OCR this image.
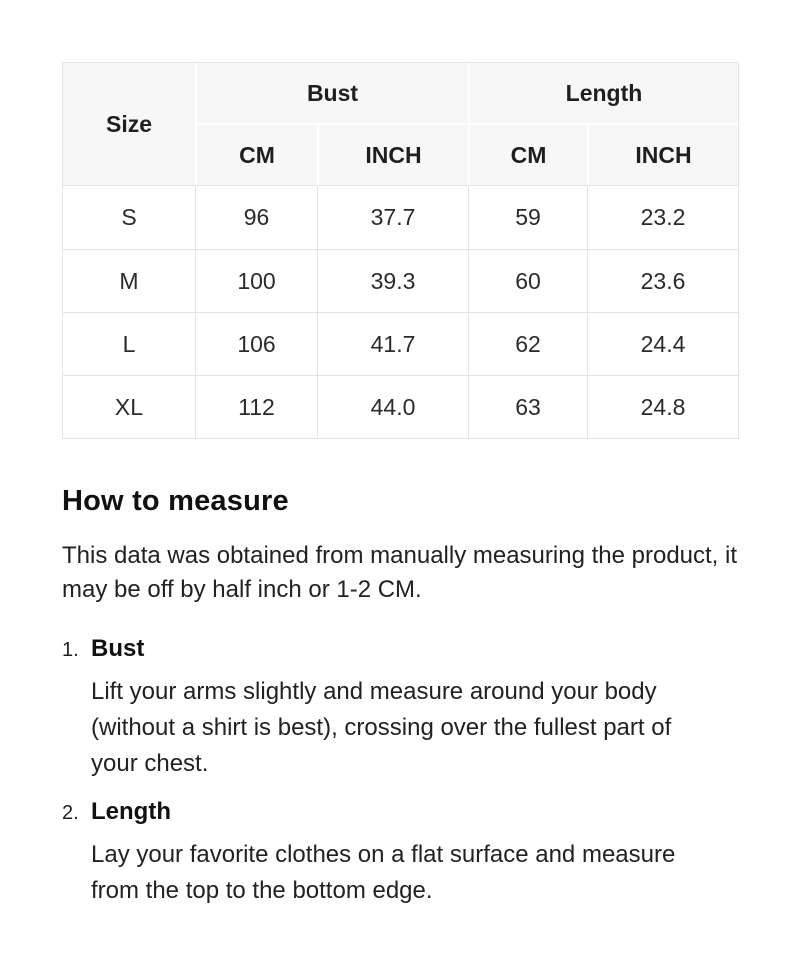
Size	Bust		Length	
	CM	INCH	CM	INCH
S	96	37.7	59	23.2
M	100	39.3	60	23.6
L	106	41.7	62	24.4
XL	112	44.0	63	24.8
How to measure

This data was obtained from manually measuring the product, it may be off by half inch or 1-2 CM.

1. Bust

Lift your arms slightly and measure around your body (without a shirt is best), crossing over the fullest part of your chest.

2. Length

Lay your favorite clothes on a flat surface and measure from the top to the bottom edge.
